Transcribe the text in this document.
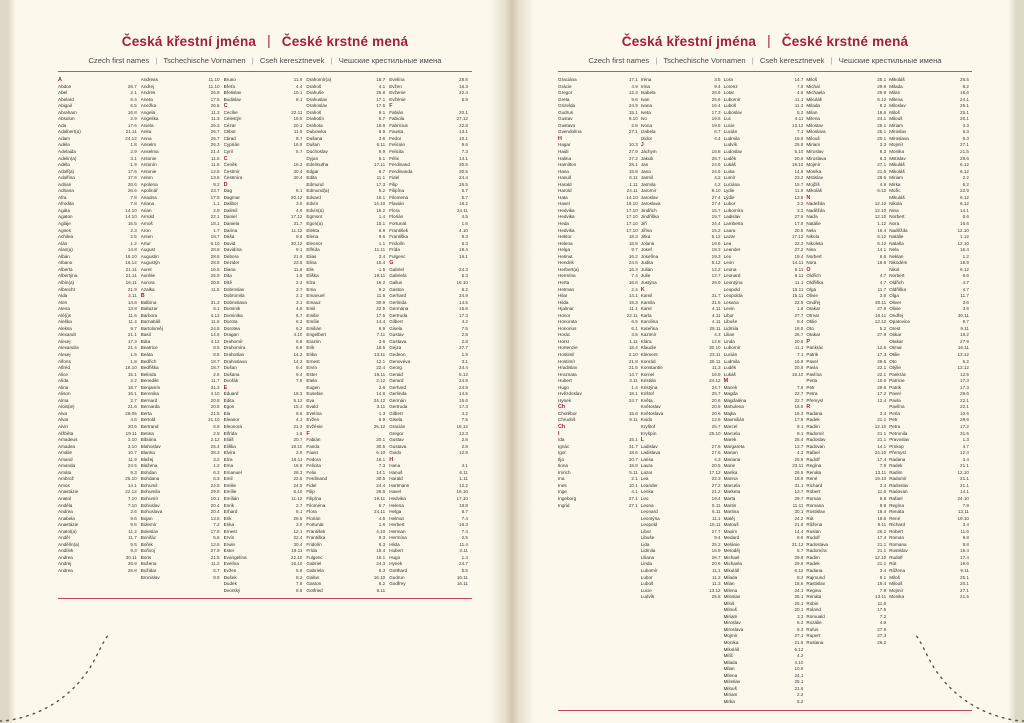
Česká křestní jména | České krstné mená
Czech first names | Tschechische Vornamen | Cseh keresztnevek | Чешские крестильные имена
A
Abdon	26.7
Abel	2.1
Abelard	5.4
Abigail	6.5
Abraham	16.8
Absolon	2.9
Ada	17.6
Adalbert(a)	21.11
Adam	24.12
Adéla	1.8
Adelaida	2.9
Adelin(a)	3.1
Adéla	1.9
Adolf(a)	17.6
Adolfína	17.6
Adrian	26.6
Adriana	26.6
Afra	7.8
Afrodita	7.8
Agáta	14.10
Agaton	14.10
Agláje	16.5
Agnes	2.3
Achilea	2.5
Alán	1.2
Alan(a)	14.8
Albán	16.10
Albano	16.12
Alberta	21.11
Albertýna	21.11
Albín(a)	16.11
Albrecht	21.9
Alda	2.11
Alen	14.8
Alena	13.8
Alé(i)s	11.6
Aleška	11.4
Aleksa	9.7
Alexandr	21.1
Alexej	17.3
Alexandra	21.4
Alexej	1.5
Alfons	1.8
Alfréd	16.10
Alice	15.1
Alída	2.2
Alina	18.7
Alison	16.1
Alma	2.7
Alois(ie)	21.6
Alva	28.05
Alvar	4.8
Alvin	20.5
Alžběta	19.11
Amadeus	3.10
Amadea	3.10
Amálie	10.7
Amand	11.9
Amanda	24.5
Amáta	9.3
Ambrož	25.10
Amos	14.1
Anastázie	22.12
Anatol	7.10
Anděla	7.10
Andrea	2.6
Anabela	9.6
Anastázie	9.6
Anatol(a)	11.2
Anděl	11.7
Andělín(a)	9.5
Andílek	9.3
Andrea	30.11
Andrej	26.9
Andrea	26.8
Andreas	11.10
Andrej	11.10
Andres	26.9
Aneta	17.5
Anežka	26.6
Angela	11.3
Angelika	11.3
Aniela	26.3
Anita	26.7
Anna	26.7
Anselm	26.3
Anselma	21.4
Antonie	11.6
Antonín	11.6
Antonie	12.6
Anton	13.6
Apolena	9.2
Apolinář	23.7
Ariadna	17.9
Ariana	1.1
Arian	2.9
Arnold	22.1
Arnoš	18.1
Aron	1.7
Arsen	18.7
Artur	6.10
August	28.8
Augustin	28.8
Augustýn	28.8
Aurel	16.6
Aurélie	25.9
Aurora	20.5
Azalka	11.5
B
Balbína	31.3
Baltazar	6.1
Barbora	4.12
Barnabáš	11.6
Bartoloměj	24.8
Basil	14.6
Báta	4.12
Beatrice	8.5
Beáta	8.5
Bedřich	18.7
Bedřiška	18.7
Belinda	2.5
Benedikt	11.7
Benjamín	31.3
Berenika	4.10
Bernard	20.8
Bernarda	20.8
Berta	21.5
Bertold	21.10
Bertrand	6.9
Betina	2.9
Bibiána	2.12
Blahoslav	25.4
Blanka	28.3
Blažej	3.2
Blažena	1.2
Bohdan	6.3
Bohdana	6.3
Bohumil	24.8
Bohumila	29.8
Bohumír	10.1
Bohuslav	20.4
Bohuslava	20.4
Bojan	13.6
Bolemír	7.2
Boleslav	17.8
Bonifác	5.6
Bořek	12.6
Bořivoj	27.9
Boris	21.5
Božena	11.2
Božidar	5.7
Bronislav	8.9
Bruno	11.9
Břeťa	4.4
Břetislav	10.1
Budislav	8.1
C
Cecílie	22.11
Celestýn	19.5
Cézar	20.1
Ctibor	11.5
Ctirad	8.7
Cyprián	16.9
Cyril	5.7
Č
Čeněk	16.2
Čestmír	30.4
Čestmíra	30.4
D
Dag	8.1
Dagmar	20.12
Dalibor	3.5
Dalimil	4.6
Daniel	17.12
Daniela	31.7
Darina	11.12
Dáša	9.6
David	30.12
Davidína	9.1
Debora	21.9
Dezider	23.5
Diana	11.6
Dita	1.5
Dítě	2.3
Dobroslav	2.7
Dobromila	2.1
Dobroslava	3.1
Dominik	4.8
Dominika	6.7
Dorota	6.2
Dorotea	6.2
Dragan	4.10
Drahomír	6.8
Drahomíra	6.8
Drahoslav	14.2
Drahoslava	14.2
Dušan	9.4
Dušana	9.4
Dvořák	7.5
E
Eduard	18.3
Edita	5.12
Egon	15.1
Ela	6.6
Eleanor	4.1
Eleonora	21.2
Elfrída	1.6
Eliáš	20.7
Eliška	18.10
Elvíra	2.9
Elza	16.11
Ema	16.9
Emanuel	26.3
Emil	22.5
Emilie	24.5
Emílie	6.10
Emílián	11.12
Enrik	2.7
Erhard	8.1
Erik	26.5
Erika	3.9
Ernest	12.1
Ervín	22.4
Erwin	30.4
Ester	19.11
Evangelína	22.10
Evelína	16.10
Evžen	5.9
Dušek	8.2
Dudek	7.8
Dvorský	8.8
Drahomír(a)	18.7
Drahoš	4.1
Drahuše	25.8
Drahuslav	17.1
Drahoslav	17.5
Drahoš	9.1
Drahotín	5.7
Drahota	19.6
Dubravka	8.9
Dušana	3.6
Dušan	6.11
Duchoslav	9.9
Dyjan	5.1
Edelmutha	17.11
Edgar	8.7
Edita	11.1
Edmund	17.3
Edmund(a)	5.2
Edvard	16.1
Edvín	14.10
Edvín(a)	16.2
Egmont	1.4
Egon(a)	15.1
Elekta	6.9
Elena	9.6
Eleonor	1.1
Elfrída	11.11
Elias	3.4
Elina	15.4
Elis	1.5
Eliška	19.11
Elza	16.2
Ema	9.2
Emanuel	11.6
Emauz	30.9
Emil	22.5
Emilie	17.5
Emílie	14.4
Emilián	6.9
Engelbert	7.11
Erazim	3.6
Erik	18.5
Erika	13.11
Ernest	12.1
Ervín	22.4
Ester	19.11
Etela	2.12
Eugen	2.6
Eusebie	14.8
Eva	24.12
Evald	3.11
Evelína	1.3
Evžen	5.9
Evžénie	25.12
F
Fabián	20.1
Fanda	30.5
Faust	6.10
Fedora	16.1
Felicita	7.3
Felix	14.1
Ferdinand	30.5
Fidel	24.4
Filip	26.5
Filipína	19.11
Filoména	5.7
Flora	24.11
Florián	4.5
Fortunát	1.6
František	4.10
Františka	9.3
Fridolín	6.3
Frída	18.4
Fulgenc	16.1
Gabriel	24.3
Gabriela	5.3
Gallus	16.10
Gaston	6.2
Gotfried	6.11
Evelína	28.6
Evžen	16.3
Evženie	22.4
Evžénie	5.9
F
Fabián	20.1
Fabiola	27.12
Fabricius	22.8
Fausta	13.1
Fedor	10.1
Felicián	9.6
Felicita	7.3
Félix	14.1
Ferdinand	30.5
Ferdinanda	30.5
Fidel	24.4
Filip	26.5
Filipína	5.7
Filomena	5.7
Flavián	18.2
Flora	24.11
Florián	4.5
Fortunát	1.6
František	4.10
Františka	9.3
Fridolín	6.3
Frída	18.4
Fulgenc	16.1
G
Gabriel	24.3
Gabriela	5.3
Gallus	16.10
Gaston	6.2
Gerhard	24.9
Gerlinda	14.5
Germána	15.6
Gertruda	17.3
Gilbert	4.2
Gisela	7.5
Gustav	2.8
Gustava	2.8
Gejza	27.7
Gedeon	1.9
Genovéva	3.1
Georg	24.4
Gerald	5.12
Gerard	24.9
Gerhard	24.9
Gerlinda	14.5
Germán	15.6
Gertruda	17.3
Gilbert	4.2
Gisela	7.5
Gracián	18.12
Gregor	12.3
Gustav	2.8
Gustava	2.8
Gvido	12.9
H
Hana	4.1
Hanuš	6.11
Harald	1.11
Hartmann	12.2
Havel	16.10
Hedvika	17.10
Helena	18.8
Helga	8.7
Helmut	7.4
Herbert	16.3
Herman	7.4
Hermína	2.5
Hilda	11.4
Hubert	3.11
Hugo	1.4
Hynek	24.7
Gotthard	5.5
Gudrun	16.11
Godfrey	16.11
Česká křestní jména | České krstné mená
Czech first names | Tschechische Vornamen | Cseh keresztnevek | Чешские крестильные имена
Graciána	17.1
Grácie	4.9
Gregor	12.3
Greta	9.6
Grizelda	24.9
Gudrun	15.1
Gustav	9.10
Gustava	2.8
Gvendolína	27.1
H
Hagar	10.3
Haidi	27.9
Halina	27.2
Hamilton	28.1
Hana	15.8
Hanuš	6.11
Harald	1.11
Harold	24.11
Hata	14.10
Havel	16.10
Hedvika	17.10
Hedvika	17.10
Heda	17.10
Hedvika	17.10
Hektor	18.3
Helena	18.8
Helga	9.7
Helmut	16.2
Hendrik	24.6
Herbert(a)	16.3
Hermína	7.4
Herta	16.6
Hetman	2.4
Hilar	14.1
Hilda	15.3
Hjalmar	11.1
Honor	22.11
Honorata	6.5
Honorius	6.1
Horác	3.5
Horst	1.11
Hortenzie	18.4
Hostimil	2.10
Hostimír	21.8
Hradislav	21.5
Hroznata	14.7
Hubert	3.11
Hugo	1.4
Hvězdoslav	18.1
Hynek	24.7
Ch
Chotěbor	15.6
Chrudoš	9.11
Ch
I
Ida	15.1
Ignác	31.7
Igor	18.6
Ilja	20.7
Ilona	18.8
Imrich	5.11
Ina	2.1
Ines	10.1
Inge	4.1
Ingeborg	27.1
Ingrid	27.1
Iréna	3.5
Irma	9.4
Isabela	26.6
Ivan	25.6
Ivana	16.4
Iveta	17.3
Ivo	19.5
Ivona	19.5
Izabela	6.7
Izidor	4.4
J
Jáchym	16.8
Jakub	25.7
Jan	24.6
Jana	24.5
Jarmil	4.2
Jarmila	4.2
Jaromír	8.10
Jaroslav	27.4
Jaroslava	27.4
Jindřich	15.7
Jindřiška	15.7
Jiří	24.4
Jiřina	15.2
Jitka	5.12
Jolana	16.6
Josef	19.3
Josefína	19.3
Judita	5.12
Julián	12.2
Julie	12.7
Justýna	26.9
K
Kamil	31.7
Kamila	31.5
Karel	4.11
Karla	4.11
Karolína	4.11
Kateřina	25.11
Kazimír	4.3
Klára	12.8
Klaudie	30.10
Klement	23.11
Konrád	26.11
Konstantin	11.3
Kornel	16.9
Kristián	24.12
Kristýna	24.7
Krištof	25.7
Květa	20.6
Květoslav	20.6
Květoslava	20.6
Kvido	12.9
Kryštof	25.7
Kryšpín	25.10
L
Ladislav	27.6
Ladislava	27.6
Larisa	4.3
Laura	20.5
Lazar	17.12
Lea	22.3
Leander	27.2
Lenka	21.2
Leo	19.4
Leona	5.11
Leonard	6.11
Leontýna	11.1
Leopold	15.11
Libor	27.7
Libuše	9.4
Lida	25.2
Lidmila	16.9
Liliana	26.7
Linda	20.6
Lubomír	11.1
Lubor	11.2
Luboš	11.3
Lucie	13.12
Ludvík	25.8
Lora	14.7
Lorenz	7.9
Lotar	4.6
Lubomír	11.1
Luboš	11.3
Luboslav	5.3
Luc	4.11
Lucie	13.12
Lucián	7.1
Ludmila	16.9
Ludvík	25.8
Ludoslav	5.10
Luděk	20.6
Lukáš	18.10
Luisa	14.8
Lumír	23.2
Luciána	15.7
Lydie	11.9
Lýdie	13.9
Lubor	3.2
Lubomíra	3.3
Ladislav	27.6
Lamberta	17.9
Laura	20.5
Lazar	17.12
Lea	22.3
Leander	27.2
Leo	19.4
Leon	14.11
Leona	5.11
Leonard	6.11
Leontýna	11.1
Leopold	15.11
Leopolda	15.11
Lesana	22.5
Levin	1.8
Libor	27.7
Libuše	9.4
Lidmila	16.9
Lilian	26.7
Linda	20.6
Lubomír	11.1
Lucián	7.1
Ludmila	16.9
Luděk	20.6
Lukáš	18.10
M
Macek	7.8
Magda	22.7
Magdaléna	22.7
Mahulena	16.5
Majka	16.3
Maxmilián	17.5
Marcel	9.1
Marcela	9.1
Marek	25.4
Margareta	13.7
Marian	4.3
Mariana	25.5
Marie	23.11
Marika	26.5
Marina	18.6
Marcela	31.1
Marketa	13.7
Marta	29.7
Martin	11.11
Martina	30.1
Matěj	24.2
Matouš	21.9
Maxim	14.4
Medard	8.6
Melánie	31.12
Metoděj	5.7
Michael	29.9
Michaela	29.9
Mikuláš	6.12
Milada	8.2
Milan	18.6
Milena	24.1
Miloslav	25.1
Miloš	25.1
Milouš	20.1
Miriam	3.3
Miroslav	6.3
Miroslava	6.3
Mojmír	27.1
Monika	21.5
Mikoláš	6.12
Milíč	4.2
Milada	4.10
Milan	10.6
Milena	24.1
Miloslav	25.1
Milouš	21.6
Miriam	2.2
Mirka	5.2
Miloš	25.1
Michal	29.9
Michaela	29.9
Mikuláš	6.12
Milada	8.2
Milan	18.6
Milena	24.1
Miloslav	25.1
Miloslava	25.1
Milouš	20.1
Miriam	3.3
Miroslav	6.3
Miroslava	6.3
Mojmír	27.1
Monika	21.5
Mstislav	28.6
Mojžíš	4.9
Mikoláš	6.12
N
Nadežda	12.10
Naděžda	12.10
Naďa	12.10
Natálie	1.12
Nela	16.4
Nikola	6.12
Nikoleta	6.12
Nina	14.1
Norbert	6.6
Nora	16.6
O
Oldřich	4.7
Oldřiška	4.7
Olga	11.7
Olivie	3.6
Ondřej	30.11
Otakar	27.9
Otmar	16.11
Otilie	13.12
Oto	5.2
Otakar	27.9
P
Pankrác	12.5
Patrik	17.3
Pavel	29.6
Pavla	22.1
Pavlína	22.1
Perla	10.6
Petr	29.6
Petra	17.2
Přemysl	12.4
R
Radana	3.4
Radek	21.1
Radim	12.10
Radomír	21.1
Radoslav	21.1
Radovan	14.1
Rafael	24.10
Rudolf	17.4
Regína	7.9
Renáta	13.11
René	19.10
Richard	3.4
Robert	11.6
Roman	9.8
Romana	9.8
Rostislav	19.4
Rút	19.6
Růžena	9.11
Ruslan	26.2
Rudolf	17.4
Radoslava	21.1
Radomíra	21.1
Radim	12.10
Radek	21.1
Radana	3.4
Rajmund	8.1
Rastislav	19.4
Regina	7.9
Renáta	13.11
Robin	11.6
Roland	17.5
Romuald	7.2
Rozálie	4.9
Rufus	27.8
Rupert	27.3
Ruslana	26.2
Mikoláš	25.5
Milada	8.2
Milan	18.6
Milena	24.1
Miloslav	25.1
Miloš	25.1
Milouš	20.1
Miriam	3.3
Miroslav	6.3
Miroslava	6.3
Mojmír	27.1
Monika	21.5
Mstislav	28.6
Mikuláš	6.12
Mikoláš	6.12
Miriam	2.2
Mirka	5.2
Mořic	22.9
Mikuláš	6.12
Nikola	6.12
Nina	14.1
Norbert	6.6
Nora	16.6
Naděžda	12.10
Natálie	1.12
Nataša	12.10
Nela	16.4
Neklan	1.2
Nikodém	15.9
Nikol	6.12
Norbert	6.6
Oldřich	4.7
Oldřiška	4.7
Olga	11.7
Oliver	3.6
Olivie	3.6
Ondřej	30.11
Opatovice	8.7
Orest	9.11
Oskar	16.2
Otakar	27.9
Otmar	16.11
Otilie	13.12
Oto	5.2
Otýlie	13.12
Pankrác	12.5
Patricie	17.3
Patrik	17.3
Pavel	29.6
Pavla	22.1
Pavlína	22.1
Perla	10.6
Petr	29.6
Petra	17.2
Petronila	31.5
Pravoslav	1.3
Prokop	4.7
Přemysl	12.4
Radana	3.4
Radek	21.1
Radim	12.10
Radomír	21.1
Radoslav	21.1
Radovan	14.1
Rafael	24.10
Regína	7.9
Renáta	13.11
René	19.10
Richard	3.4
Robert	11.6
Roman	9.8
Romana	9.8
Rostislav	19.4
Rudolf	17.4
Rút	19.6
Růžena	9.11
Miloš	25.1
Milouš	20.1
Mojmír	27.1
Monika	21.5
